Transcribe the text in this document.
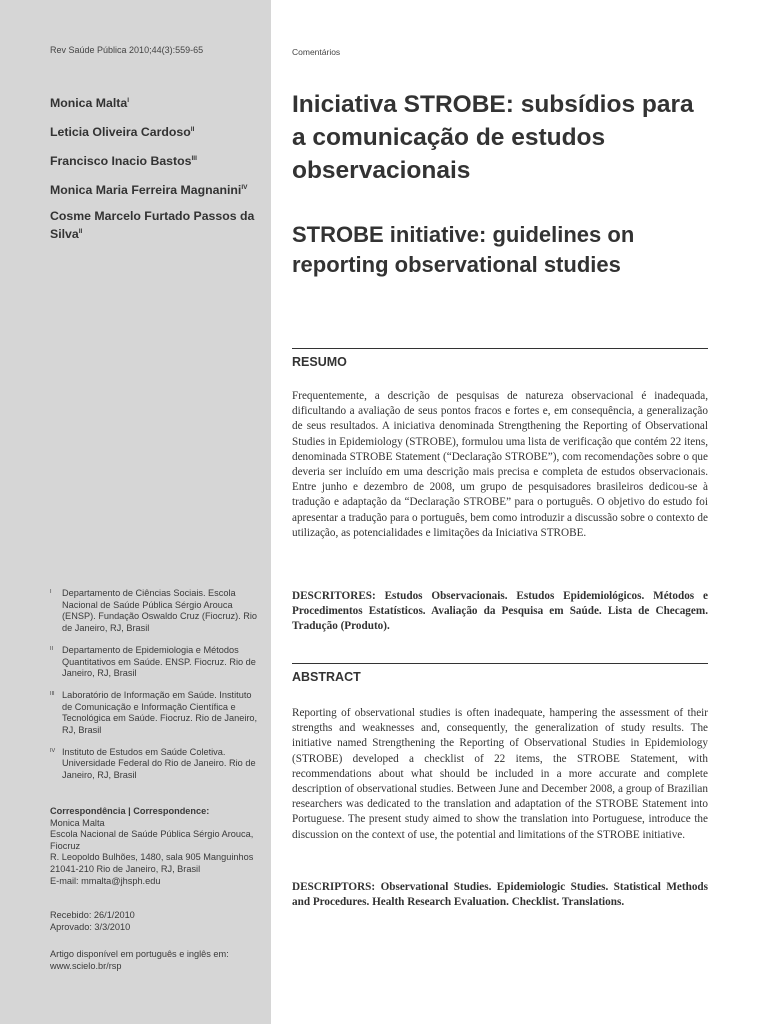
Rev Saúde Pública 2010;44(3):559-65
Monica Malta$^I$
Leticia Oliveira Cardoso$^{II}$
Francisco Inacio Bastos$^{III}$
Monica Maria Ferreira Magnanini$^{IV}$
Cosme Marcelo Furtado Passos da Silva$^{II}$
I	Departamento de Ciências Sociais. Escola Nacional de Saúde Pública Sérgio Arouca (ENSP). Fundação Oswaldo Cruz (Fiocruz). Rio de Janeiro, RJ, Brasil
II Departamento de Epidemiologia e Métodos Quantitativos em Saúde. ENSP. Fiocruz. Rio de Janeiro, RJ, Brasil
III Laboratório de Informação em Saúde. Instituto de Comunicação e Informação Científica e Tecnológica em Saúde. Fiocruz. Rio de Janeiro, RJ, Brasil
IV Instituto de Estudos em Saúde Coletiva. Universidade Federal do Rio de Janeiro. Rio de Janeiro, RJ, Brasil
Correspondência | Correspondence:
Monica Malta
Escola Nacional de Saúde Pública Sérgio Arouca, Fiocruz
R. Leopoldo Bulhões, 1480, sala 905 Manguinhos
21041-210 Rio de Janeiro, RJ, Brasil
E-mail: mmalta@jhsph.edu
Recebido: 26/1/2010
Aprovado: 3/3/2010
Artigo disponível em português e inglês em:
www.scielo.br/rsp
Comentários
Iniciativa STROBE: subsídios para a comunicação de estudos observacionais
STROBE initiative: guidelines on reporting observational studies
RESUMO

Frequentemente, a descrição de pesquisas de natureza observacional é inadequada, dificultando a avaliação de seus pontos fracos e fortes e, em consequência, a generalização de seus resultados. A iniciativa denominada Strengthening the Reporting of Observational Studies in Epidemiology (STROBE), formulou uma lista de verificação que contém 22 itens, denominada STROBE Statement (“Declaração STROBE”), com recomendações sobre o que deveria ser incluído em uma descrição mais precisa e completa de estudos observacionais. Entre junho e dezembro de 2008, um grupo de pesquisadores brasileiros dedicou-se à tradução e adaptação da “Declaração STROBE” para o português. O objetivo do estudo foi apresentar a tradução para o português, bem como introduzir a discussão sobre o contexto de utilização, as potencialidades e limitações da Iniciativa STROBE.

DESCRITORES: Estudos Observacionais. Estudos Epidemiológicos. Métodos e Procedimentos Estatísticos. Avaliação da Pesquisa em Saúde. Lista de Checagem. Tradução (Produto).

ABSTRACT

Reporting of observational studies is often inadequate, hampering the assessment of their strengths and weaknesses and, consequently, the generalization of study results. The initiative named Strengthening the Reporting of Observational Studies in Epidemiology (STROBE) developed a checklist of 22 items, the STROBE Statement, with recommendations about what should be included in a more accurate and complete description of observational studies. Between June and December 2008, a group of Brazilian researchers was dedicated to the translation and adaptation of the STROBE Statement into Portuguese. The present study aimed to show the translation into Portuguese, introduce the discussion on the context of use, the potential and limitations of the STROBE initiative.

DESCRIPTORS: Observational Studies. Epidemiologic Studies. Statistical Methods and Procedures. Health Research Evaluation. Checklist. Translations.
